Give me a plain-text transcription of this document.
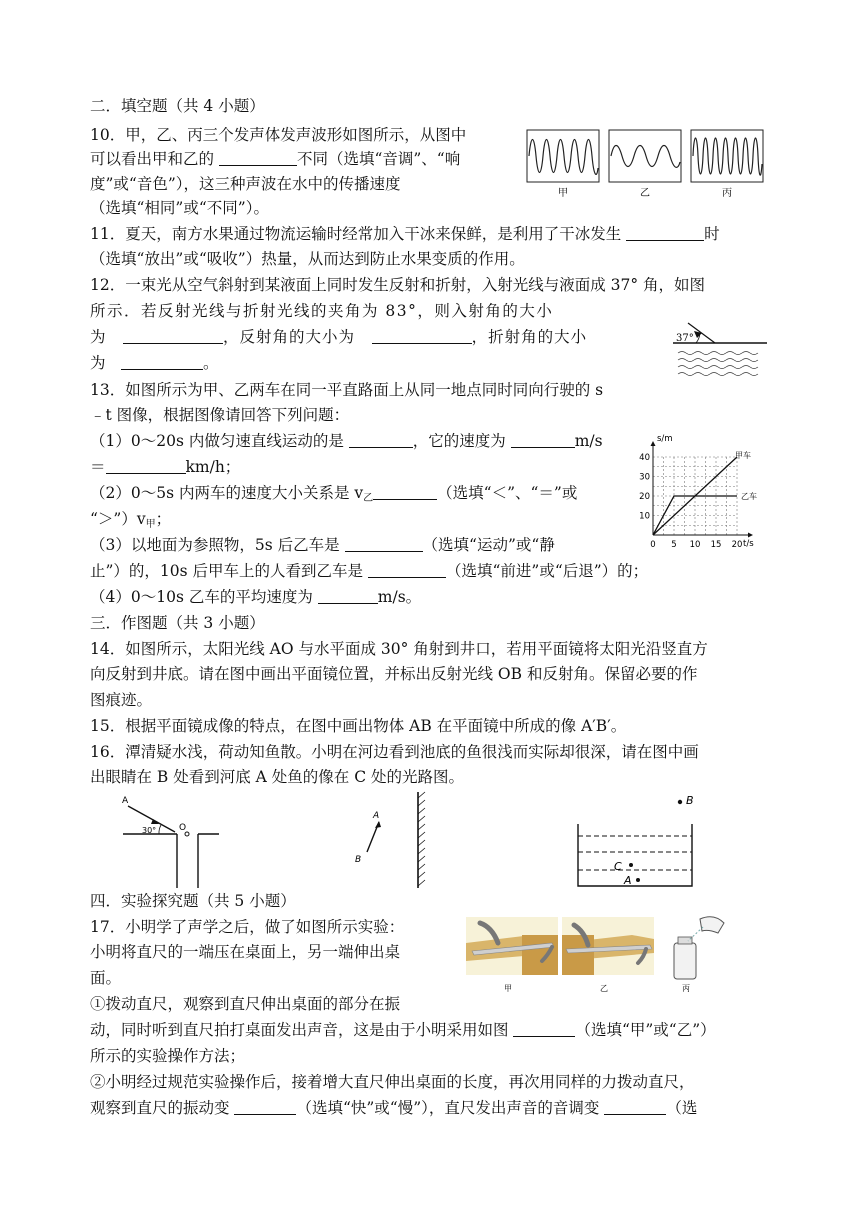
二．填空题（共 4 小题）
10．甲，乙、丙三个发声体发声波形如图所示，从图中
可以看出甲和乙的	不同（选填“音调”、“响
度”或“音色”），这三种声波在水中的传播速度
（选填“相同”或“不同”）。
甲	乙	丙
11．夏天，南方水果通过物流运输时经常加入干冰来保鲜，是利用了干冰发生	时
（选填“放出”或“吸收”）热量，从而达到防止水果变质的作用。
12．一束光从空气斜射到某液面上同时发生反射和折射，入射光线与液面成 37° 角，如图
所示．若反射光线与折射光线的夹角为 83°，则入射角的大小
为　	，反射角的大小为　	，折射角的大小
为　	。
37°
13．如图所示为甲、乙两车在同一平直路面上从同一地点同时同向行驶的 s
﹣t 图像，根据图像请回答下列问题：
（1）0～20s 内做匀速直线运动的是	，它的速度为	m/s
＝	km/h；
（2）0～5s 内两车的速度大小关系是 $v_乙$	（选填“＜”、“＝”或
“$>”)v_甲$；
（3）以地面为参照物，5s 后乙车是	（选填“运动”或“静
止”）的，10s 后甲车上的人看到乙车是	（选填“前进”或“后退”）的；
（4）0～10s 乙车的平均速度为	m/s。
t/s
s/m
0 5 10 15 20
10
20
30
40	甲车
乙车
三．作图题（共 3 小题）
14．如图所示，太阳光线 AO 与水平面成 30° 角射到井口，若用平面镜将太阳光沿竖直方
向反射到井底。请在图中画出平面镜位置，并标出反射光线 OB 和反射角。保留必要的作
图痕迹。
15．根据平面镜成像的特点，在图中画出物体 AB 在平面镜中所成的像 A′B′。
16．潭清疑水浅，荷动知鱼散。小明在河边看到池底的鱼很浅而实际却很深，请在图中画
出眼睛在 B 处看到河底 A 处鱼的像在 C 处的光路图。
A
O
30°
A
B
B
C
A
四．实验探究题（共 5 小题）
17．小明学了声学之后，做了如图所示实验：
小明将直尺的一端压在桌面上，另一端伸出桌
面。
①拨动直尺，观察到直尺伸出桌面的部分在振
动，同时听到直尺拍打桌面发出声音，这是由于小明采用如图	（选填“甲”或“乙”）
所示的实验操作方法；
②小明经过规范实验操作后，接着增大直尺伸出桌面的长度，再次用同样的力拨动直尺，
观察到直尺的振动变	（选填“快”或“慢”），直尺发出声音的音调变	（选
甲	乙	丙
